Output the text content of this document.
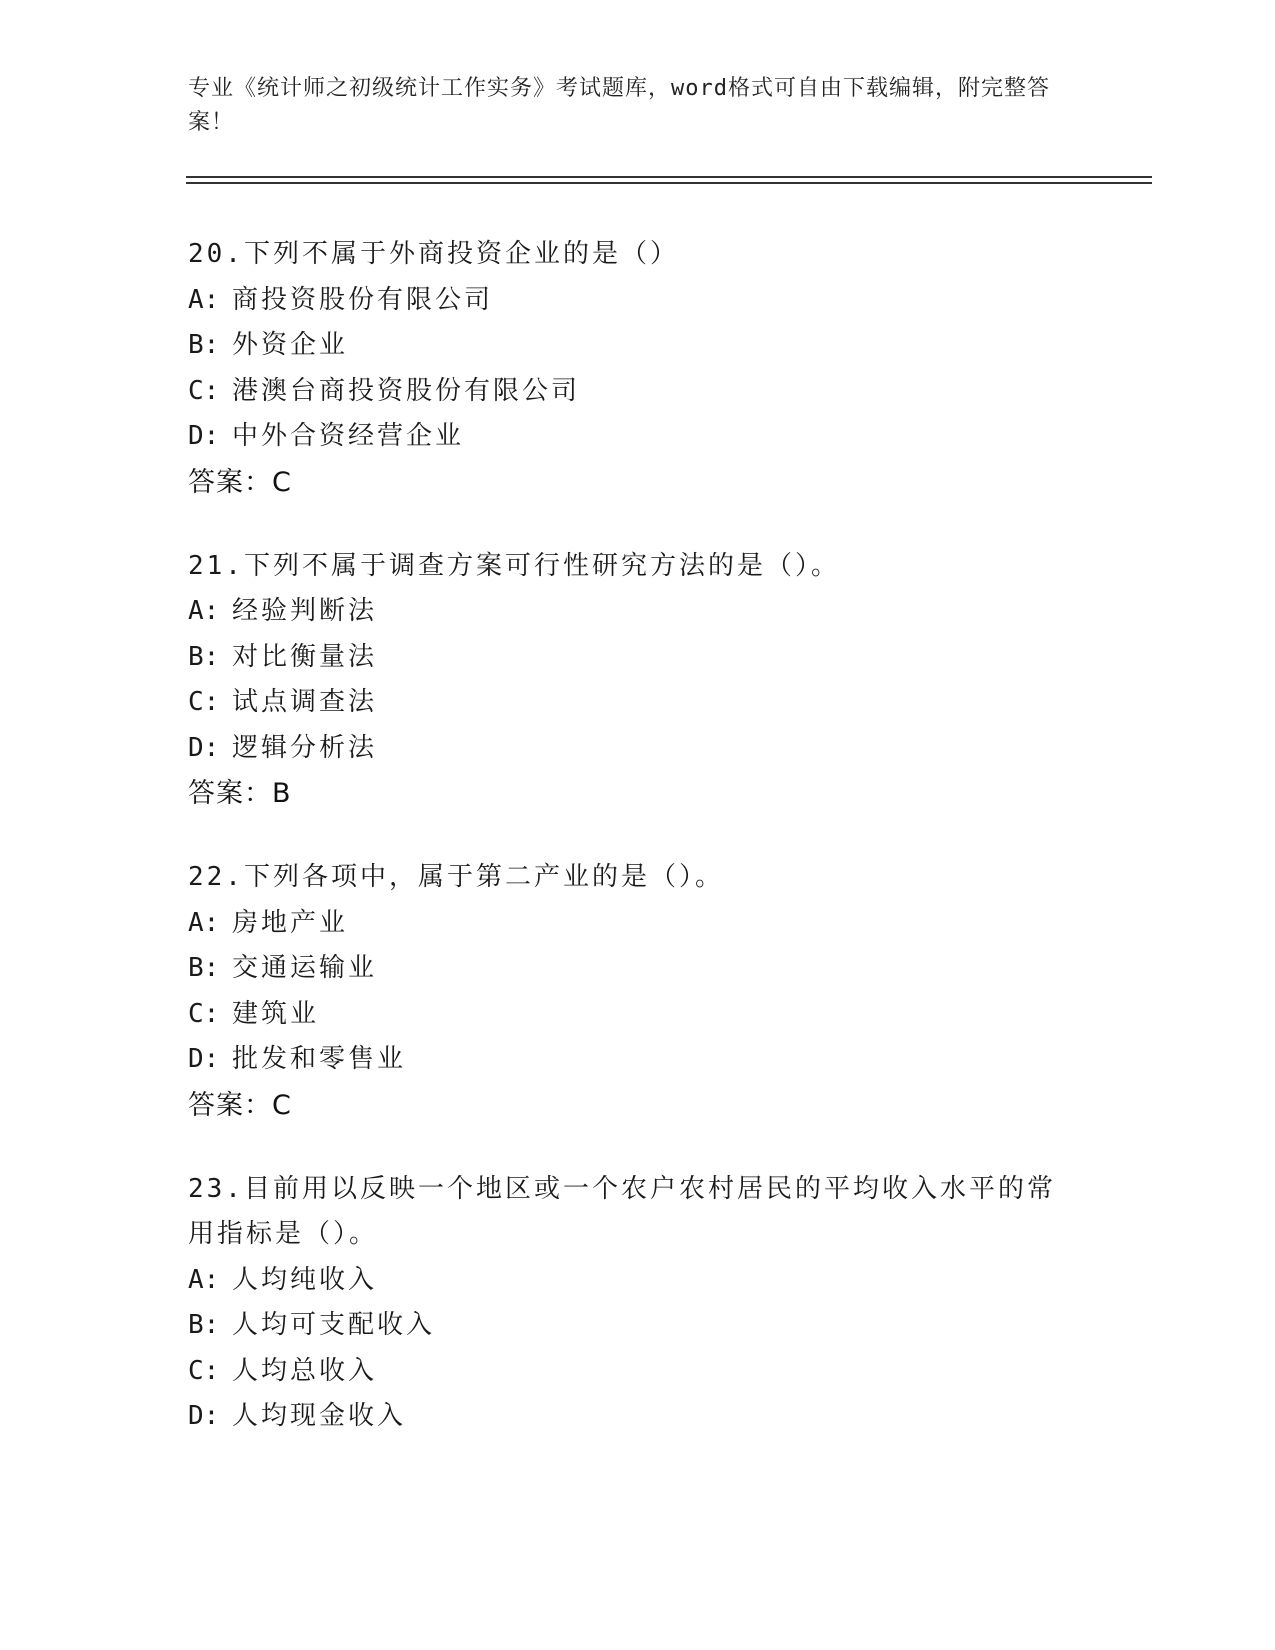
专业《统计师之初级统计工作实务》考试题库，word格式可自由下载编辑，附完整答案！
20.下列不属于外商投资企业的是（）
A: 商投资股份有限公司
B: 外资企业
C: 港澳台商投资股份有限公司
D: 中外合资经营企业
答案：C
21.下列不属于调查方案可行性研究方法的是（）。
A: 经验判断法
B: 对比衡量法
C: 试点调查法
D: 逻辑分析法
答案：B
22.下列各项中，属于第二产业的是（）。
A: 房地产业
B: 交通运输业
C: 建筑业
D: 批发和零售业
答案：C
23.目前用以反映一个地区或一个农户农村居民的平均收入水平的常用指标是（）。
A: 人均纯收入
B: 人均可支配收入
C: 人均总收入
D: 人均现金收入
